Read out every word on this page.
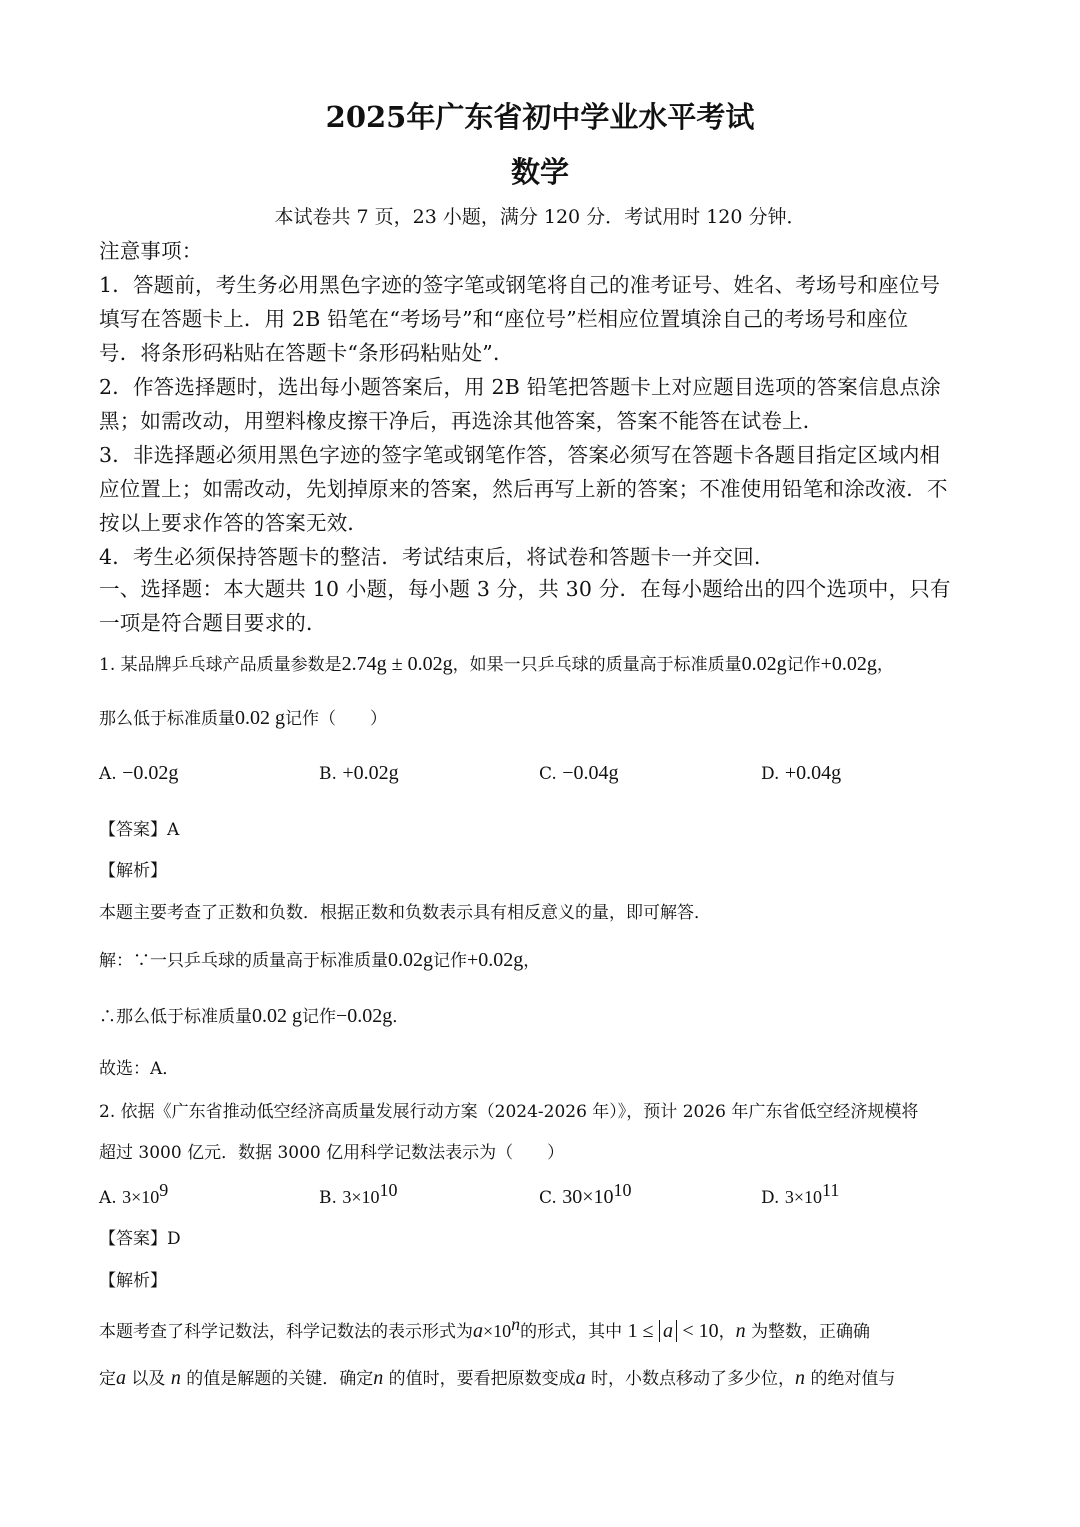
2025年广东省初中学业水平考试
数学
本试卷共 7 页，23 小题，满分 120 分．考试用时 120 分钟．
注意事项：
1．答题前，考生务必用黑色字迹的签字笔或钢笔将自己的准考证号、姓名、考场号和座位号
填写在答题卡上．用 2B 铅笔在“考场号”和“座位号”栏相应位置填涂自己的考场号和座位
号．将条形码粘贴在答题卡“条形码粘贴处”．
2．作答选择题时，选出每小题答案后，用 2B 铅笔把答题卡上对应题目选项的答案信息点涂
黑；如需改动，用塑料橡皮擦干净后，再选涂其他答案，答案不能答在试卷上．
3．非选择题必须用黑色字迹的签字笔或钢笔作答，答案必须写在答题卡各题目指定区域内相
应位置上；如需改动，先划掉原来的答案，然后再写上新的答案；不准使用铅笔和涂改液．不
按以上要求作答的答案无效．
4．考生必须保持答题卡的整洁．考试结束后，将试卷和答题卡一并交回．
一、选择题：本大题共 10 小题，每小题 3 分，共 30 分．在每小题给出的四个选项中，只有
一项是符合题目要求的．
1. 某品牌乒乓球产品质量参数是2.74g ± 0.02g，如果一只乒乓球的质量高于标准质量0.02g记作+0.02g，
那么低于标准质量0.02 g记作（　　）
A. −0.02g	B. +0.02g	C. −0.04g	D. +0.04g
【答案】A
【解析】
本题主要考查了正数和负数．根据正数和负数表示具有相反意义的量，即可解答．
解：∵一只乒乓球的质量高于标准质量0.02g记作+0.02g，
∴那么低于标准质量0.02 g记作−0.02g．
故选：A．
2. 依据《广东省推动低空经济高质量发展行动方案（2024-2026 年）》，预计 2026 年广东省低空经济规模将
超过 3000 亿元．数据 3000 亿用科学记数法表示为（　　）
A. $3\times 10^9$	B. $3\times 10^{10}$	C. $30\times 10^{10}$	D. $3\times 10^{11}$
【答案】D
【解析】
本题考查了科学记数法，科学记数法的表示形式为$a\times 10^n$的形式，其中 1 ≤ a < 10，n 为整数，正确确
定a 以及 n 的值是解题的关键．确定n 的值时，要看把原数变成a 时，小数点移动了多少位，n 的绝对值与
